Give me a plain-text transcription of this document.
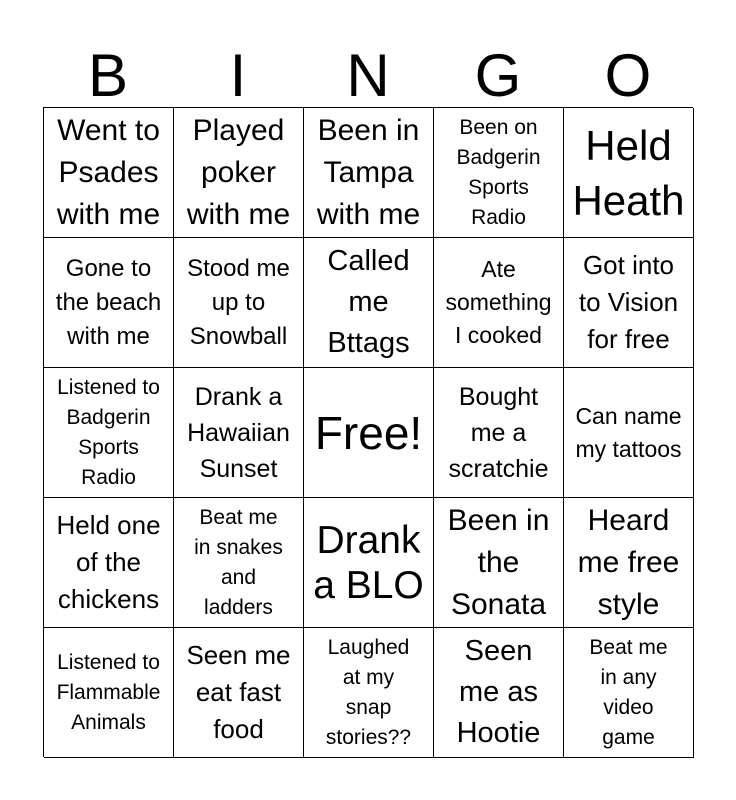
B	I	N	G	O
Went to
Psades
with me
Played
poker
with me
Been in
Tampa
with me
Been on
Badgerin
Sports
Radio
Held
Heath
Gone to
the beach
with me
Stood me
up to
Snowball
Called
me
Bttags
Ate
something
I cooked
Got into
to Vision
for free
Listened to
Badgerin
Sports
Radio
Drank a
Hawaiian
Sunset
Free!
Bought
me a
scratchie
Can name
my tattoos
Held one
of the
chickens
Beat me
in snakes
and
ladders
Drank
a BLO
Been in
the
Sonata
Heard
me free
style
Listened to
Flammable
Animals
Seen me
eat fast
food
Laughed
at my
snap
stories??
Seen
me as
Hootie
Beat me
in any
video
game
